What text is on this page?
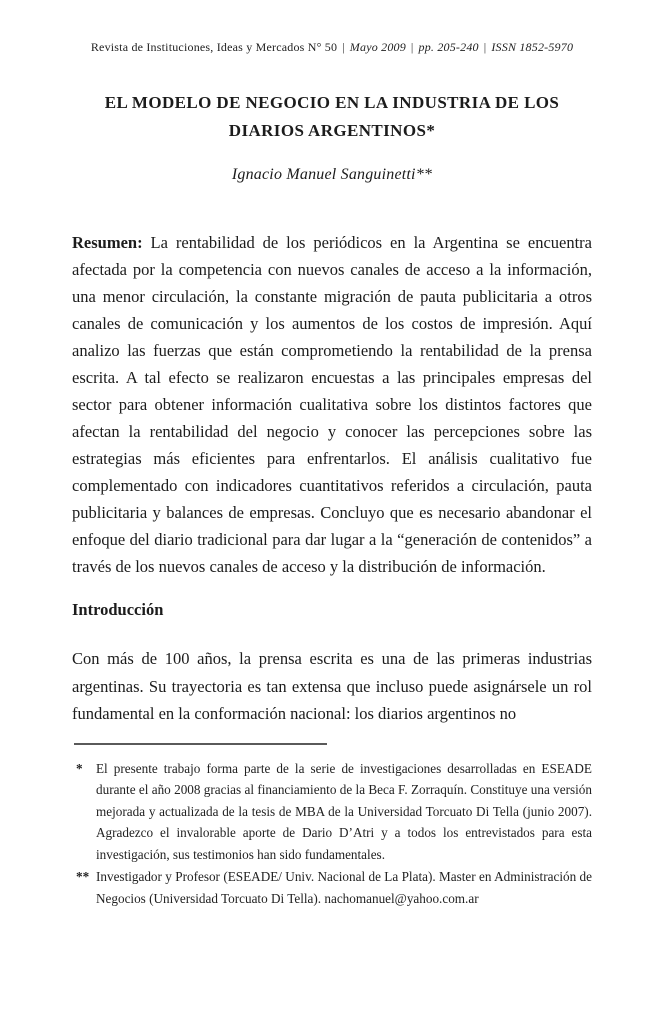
Revista de Instituciones, Ideas y Mercados N° 50 | Mayo 2009 | pp. 205-240 | ISSN 1852-5970
EL MODELO DE NEGOCIO EN LA INDUSTRIA DE LOS
DIARIOS ARGENTINOS*
Ignacio Manuel Sanguinetti**

Resumen: La rentabilidad de los periódicos en la Argentina se encuentra afectada por la competencia con nuevos canales de acceso a la información, una menor circulación, la constante migración de pauta publicitaria a otros canales de comunicación y los aumentos de los costos de impresión. Aquí analizo las fuerzas que están comprometiendo la rentabilidad de la prensa escrita. A tal efecto se realizaron encuestas a las principales empresas del sector para obtener información cualitativa sobre los distintos factores que afectan la rentabilidad del negocio y conocer las percepciones sobre las estrategias más eficientes para enfrentarlos. El análisis cualitativo fue complementado con indicadores cuantitativos referidos a circulación, pauta publicitaria y balances de empresas. Concluyo que es necesario abandonar el enfoque del diario tradicional para dar lugar a la “generación de contenidos” a través de los nuevos canales de acceso y la distribución de información.

Introducción

Con más de 100 años, la prensa escrita es una de las primeras industrias argentinas. Su trayectoria es tan extensa que incluso puede asignársele un rol fundamental en la conformación nacional: los diarios argentinos no

*	El presente trabajo forma parte de la serie de investigaciones desarrolladas en ESEADE durante el año 2008 gracias al financiamiento de la Beca F. Zorraquín. Constituye una versión mejorada y actualizada de la tesis de MBA de la Universidad Torcuato Di Tella (junio 2007). Agradezco el invalorable aporte de Dario D’Atri y a todos los entrevistados para esta investigación, sus testimonios han sido fundamentales.
** Investigador y Profesor (ESEADE/ Univ. Nacional de La Plata). Master en Administración de Negocios (Universidad Torcuato Di Tella). nachomanuel@yahoo.com.ar
